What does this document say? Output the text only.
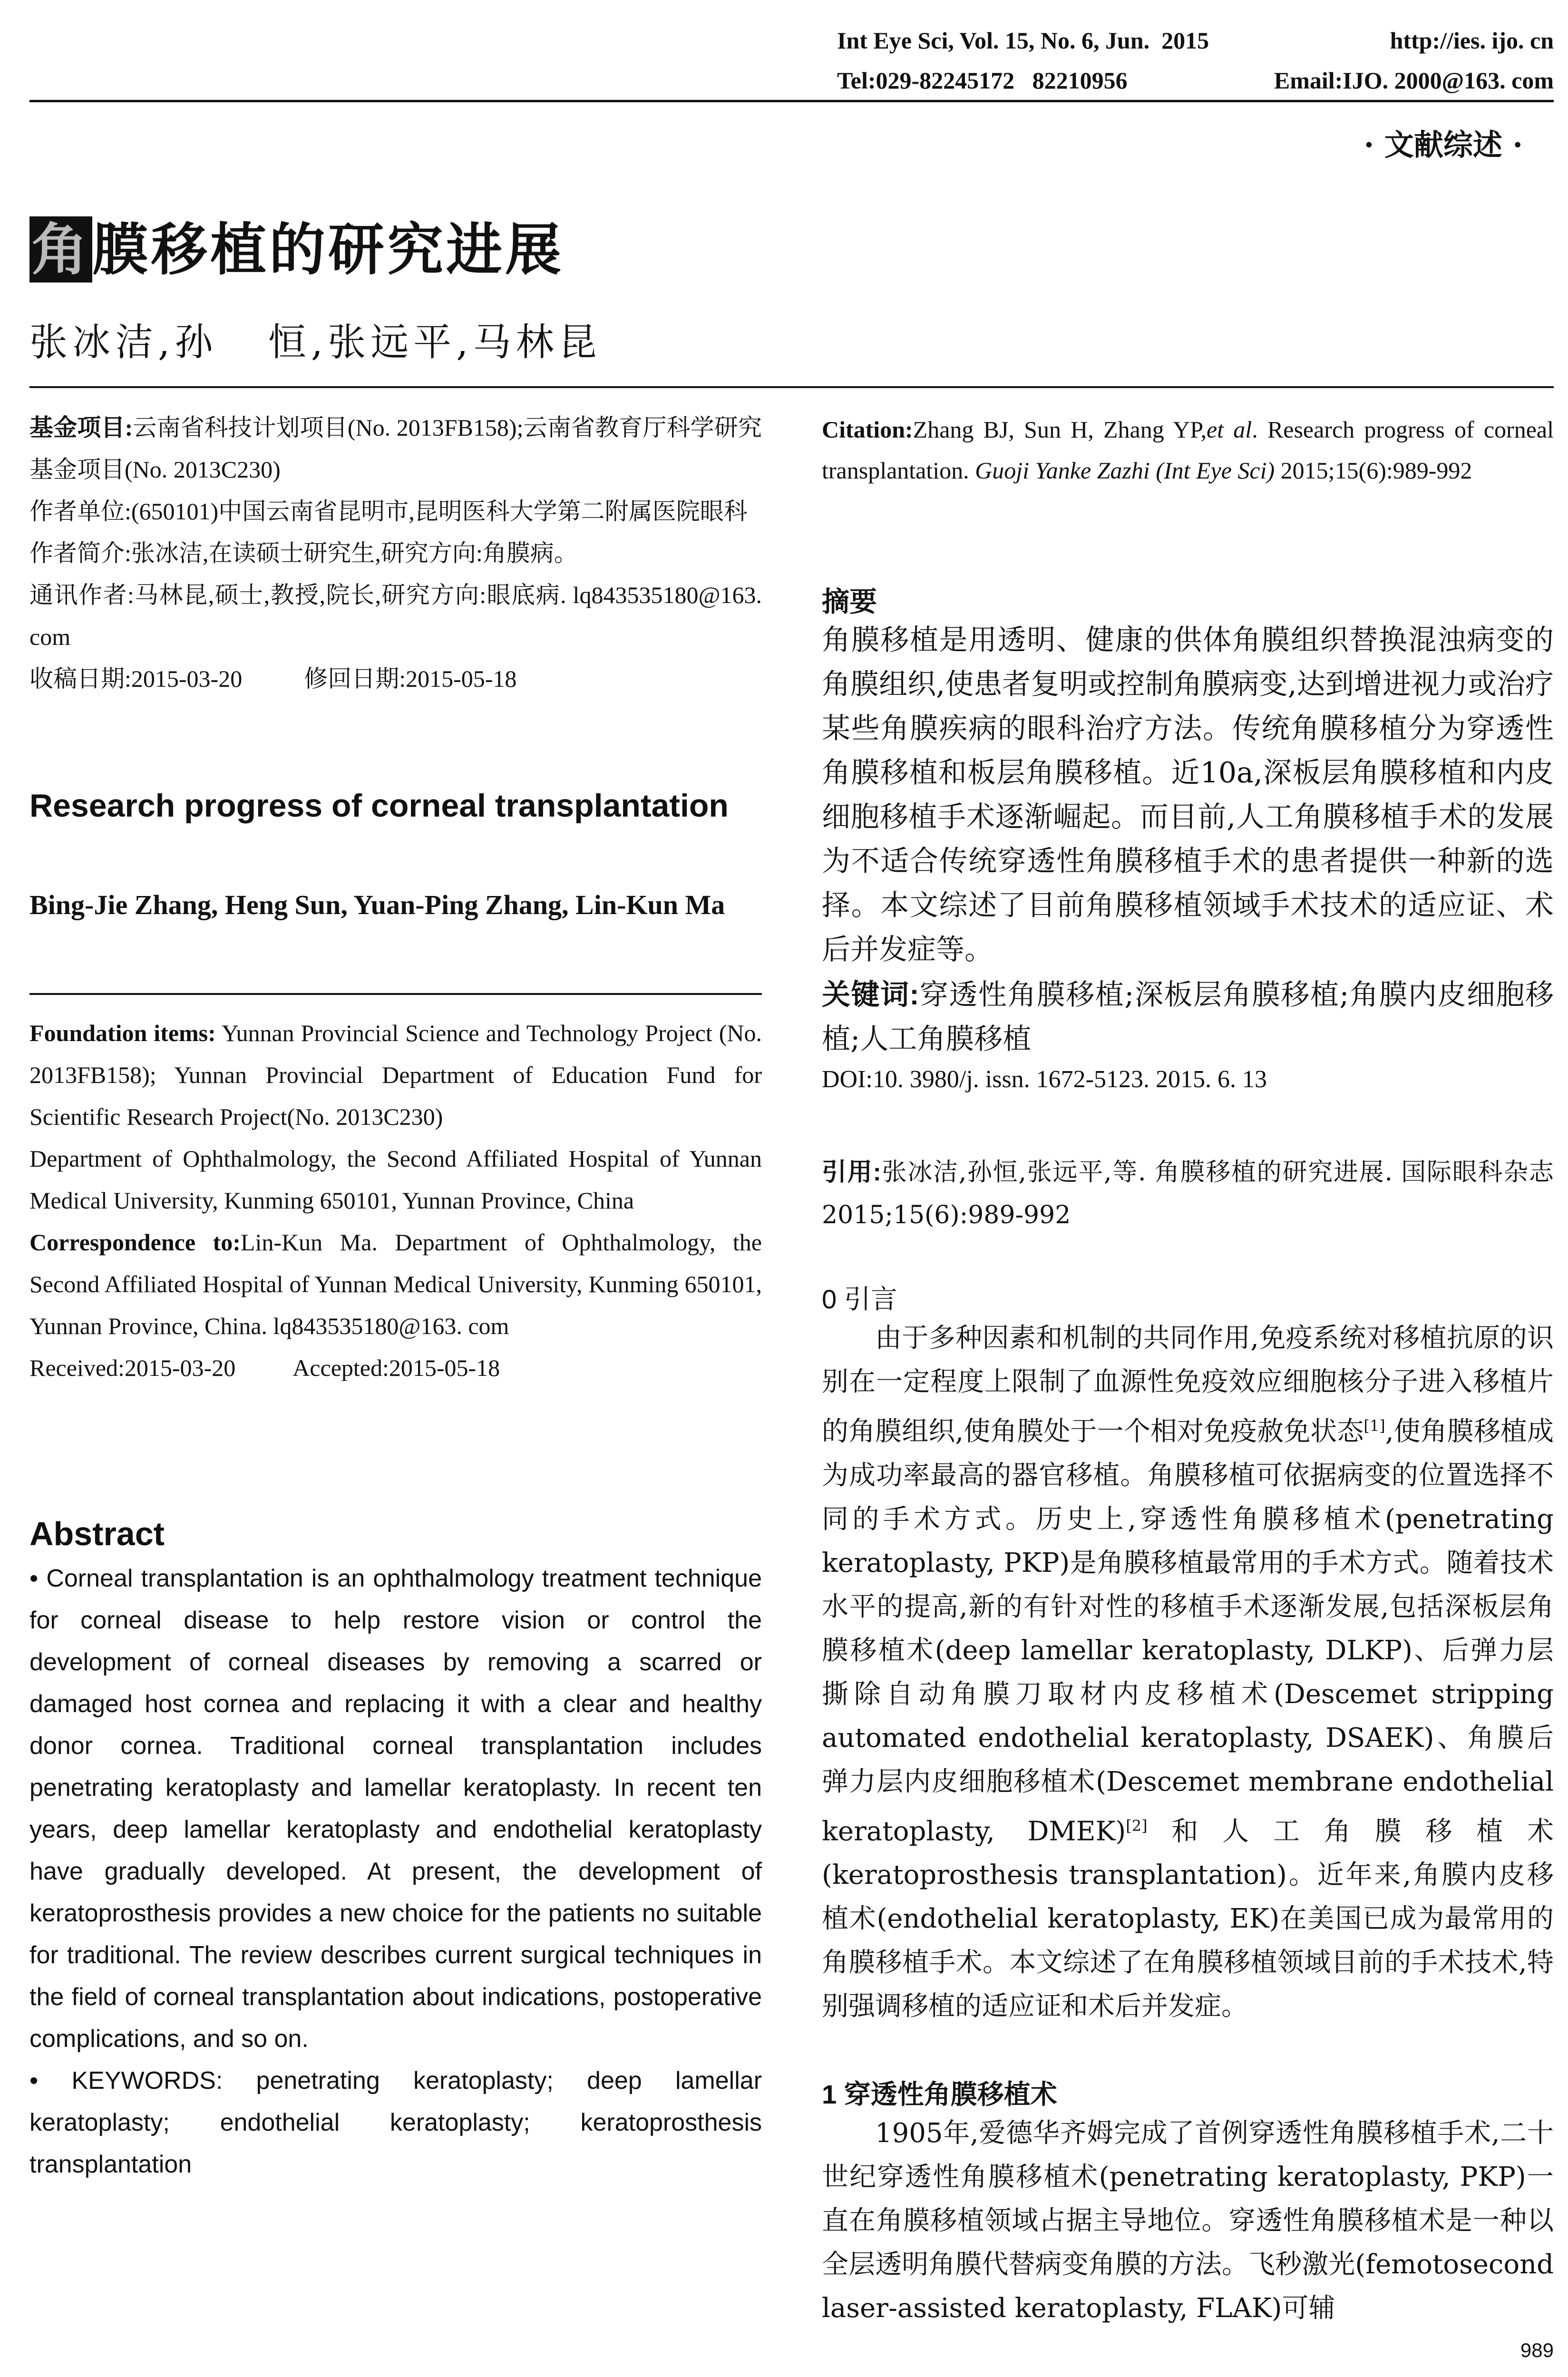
Int Eye Sci, Vol. 15, No. 6, Jun.  2015	http://ies. ijo. cn
Tel:029-82245172   82210956	Email:IJO. 2000@163. com
· 文献综述 ·
角膜移植的研究进展
张冰洁,孙   恒,张远平,马林昆

基金项目:云南省科技计划项目(No. 2013FB158);云南省教育厅科学研究基金项目(No. 2013C230)

作者单位:(650101)中国云南省昆明市,昆明医科大学第二附属医院眼科

作者简介:张冰洁,在读硕士研究生,研究方向:角膜病。

通讯作者:马林昆,硕士,教授,院长,研究方向:眼底病. lq843535180@163. com

收稿日期:2015-03-20	修回日期:2015-05-18

Research progress of corneal transplantation
Bing-Jie Zhang, Heng Sun, Yuan-Ping Zhang, Lin-Kun Ma

Foundation items: Yunnan Provincial Science and Technology Project (No. 2013FB158); Yunnan Provincial Department of Education Fund for Scientific Research Project(No. 2013C230)

Department of Ophthalmology, the Second Affiliated Hospital of Yunnan Medical University, Kunming 650101, Yunnan Province, China

Correspondence to:Lin-Kun Ma. Department of Ophthalmology, the Second Affiliated Hospital of Yunnan Medical University, Kunming 650101, Yunnan Province, China. lq843535180@163. com

Received:2015-03-20 Accepted:2015-05-18

Abstract

• Corneal transplantation is an ophthalmology treatment technique for corneal disease to help restore vision or control the development of corneal diseases by removing a scarred or damaged host cornea and replacing it with a clear and healthy donor cornea. Traditional corneal transplantation includes penetrating keratoplasty and lamellar keratoplasty. In recent ten years, deep lamellar keratoplasty and endothelial keratoplasty have gradually developed. At present, the development of keratoprosthesis provides a new choice for the patients no suitable for traditional. The review describes current surgical techniques in the field of corneal transplantation about indications, postoperative complications, and so on.

• KEYWORDS: penetrating keratoplasty; deep lamellar keratoplasty; endothelial keratoplasty; keratoprosthesis transplantation

Citation:Zhang BJ, Sun H, Zhang YP,et al. Research progress of corneal transplantation. Guoji Yanke Zazhi (Int Eye Sci) 2015;15(6):989-992
摘要
角膜移植是用透明、健康的供体角膜组织替换混浊病变的角膜组织,使患者复明或控制角膜病变,达到增进视力或治疗某些角膜疾病的眼科治疗方法。传统角膜移植分为穿透性角膜移植和板层角膜移植。近10a,深板层角膜移植和内皮细胞移植手术逐渐崛起。而目前,人工角膜移植手术的发展为不适合传统穿透性角膜移植手术的患者提供一种新的选择。本文综述了目前角膜移植领域手术技术的适应证、术后并发症等。
关键词:穿透性角膜移植;深板层角膜移植;角膜内皮细胞移植;人工角膜移植
DOI:10. 3980/j. issn. 1672-5123. 2015. 6. 13
引用:张冰洁,孙恒,张远平,等. 角膜移植的研究进展. 国际眼科杂志 2015;15(6):989-992
0 引言
由于多种因素和机制的共同作用,免疫系统对移植抗原的识别在一定程度上限制了血源性免疫效应细胞核分子进入移植片的角膜组织,使角膜处于一个相对免疫赦免状态[1],使角膜移植成为成功率最高的器官移植。角膜移植可依据病变的位置选择不同的手术方式。历史上,穿透性角膜移植术(penetrating keratoplasty, PKP)是角膜移植最常用的手术方式。随着技术水平的提高,新的有针对性的移植手术逐渐发展,包括深板层角膜移植术(deep lamellar keratoplasty, DLKP)、后弹力层撕除自动角膜刀取材内皮移植术(Descemet stripping automated endothelial keratoplasty, DSAEK)、角膜后弹力层内皮细胞移植术(Descemet membrane endothelial keratoplasty, DMEK)[2]和人工角膜移植术(keratoprosthesis transplantation)。近年来,角膜内皮移植术(endothelial keratoplasty, EK)在美国已成为最常用的角膜移植手术。本文综述了在角膜移植领域目前的手术技术,特别强调移植的适应证和术后并发症。
1 穿透性角膜移植术
1905年,爱德华齐姆完成了首例穿透性角膜移植手术,二十世纪穿透性角膜移植术(penetrating keratoplasty, PKP)一直在角膜移植领域占据主导地位。穿透性角膜移植术是一种以全层透明角膜代替病变角膜的方法。飞秒激光(femotosecond laser-assisted keratoplasty, FLAK)可辅
989
